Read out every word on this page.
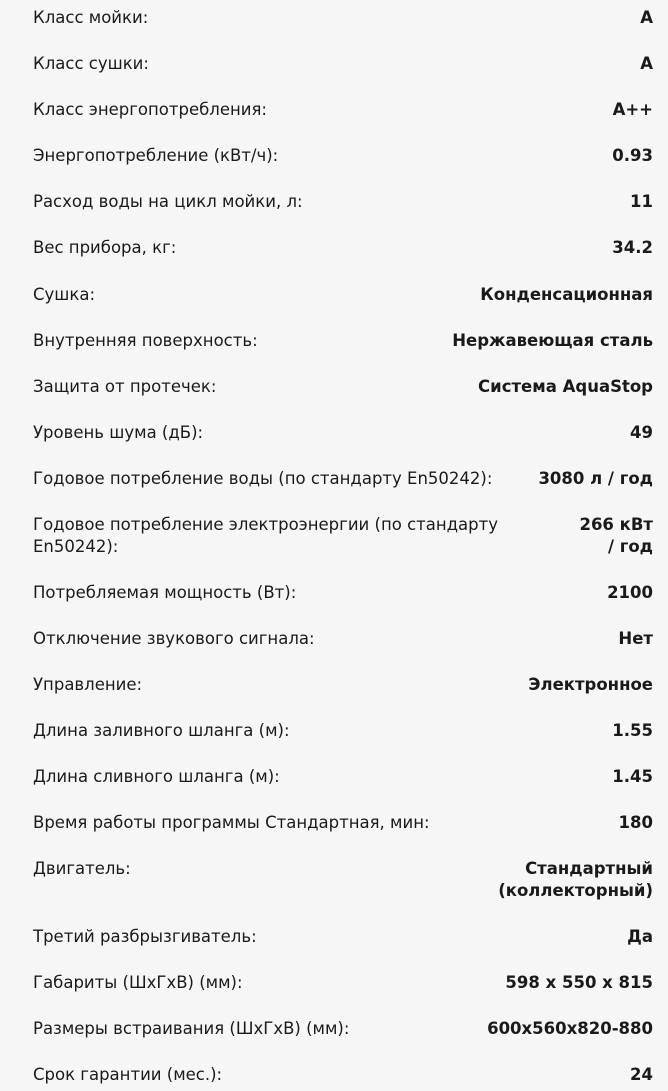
Класс мойки:	A
Класс сушки:	A
Класс энергопотребления:	A++
Энергопотребление (кВт/ч):	0.93
Расход воды на цикл мойки, л:	11
Вес прибора, кг:	34.2
Сушка:	Конденсационная
Внутренняя поверхность:	Нержавеющая сталь
Защита от протечек:	Система AquaStop
Уровень шума (дБ):	49
Годовое потребление воды (по стандарту En50242):	3080 л / год
Годовое потребление электроэнергии (по стандарту En50242):
266 кВт / год
Потребляемая мощность (Вт):	2100
Отключение звукового сигнала:	Нет
Управление:	Электронное
Длина заливного шланга (м):	1.55
Длина сливного шланга (м):	1.45
Время работы программы Стандартная, мин:	180
Двигатель:	Стандартный (коллекторный)
Третий разбрызгиватель:	Да
Габариты (ШхГхВ) (мм):	598 x 550 x 815
Размеры встраивания (ШхГхВ) (мм):	600x560x820-880
Срок гарантии (мес.):	24
